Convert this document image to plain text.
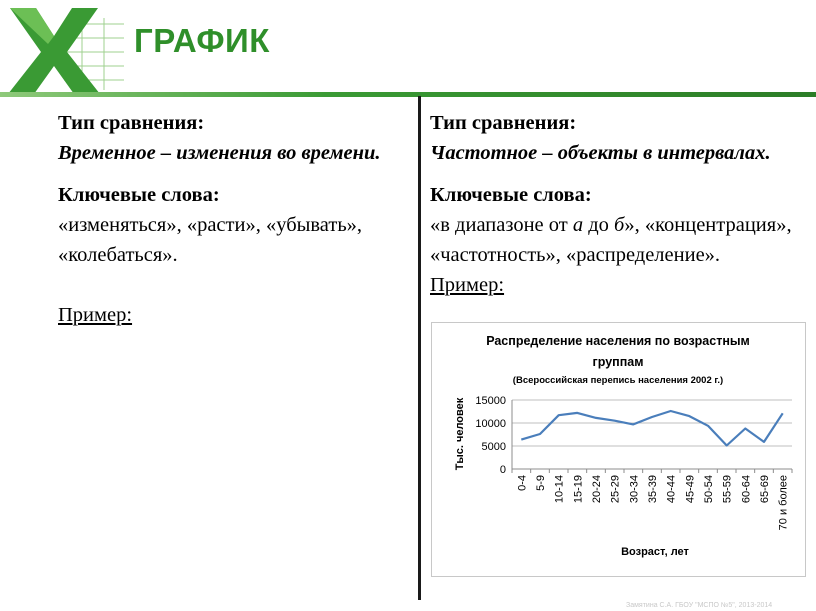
ГРАФИК
Тип сравнения:
Временное – изменения во времени.
Ключевые слова:
«изменяться», «расти», «убывать», «колебаться».
Пример:
Тип сравнения:
Частотное – объекты в интервалах.
Ключевые слова:
«в диапазоне от а до б», «концентрация», «частотность», «распределение».
Пример:
Распределение населения по возрастным
группам
(Всероссийская перепись населения 2002 г.)
Возраст, лет
Тыс. человек	0
5000
10000
15000
0-4 5-9 10-14 15-19 20-24 25-29 30-34 35-39 40-44 45-49 50-54 55-59 60-64 65-69 70 и более
Замятина С.А. ГБОУ "МСПО №5", 2013-2014
